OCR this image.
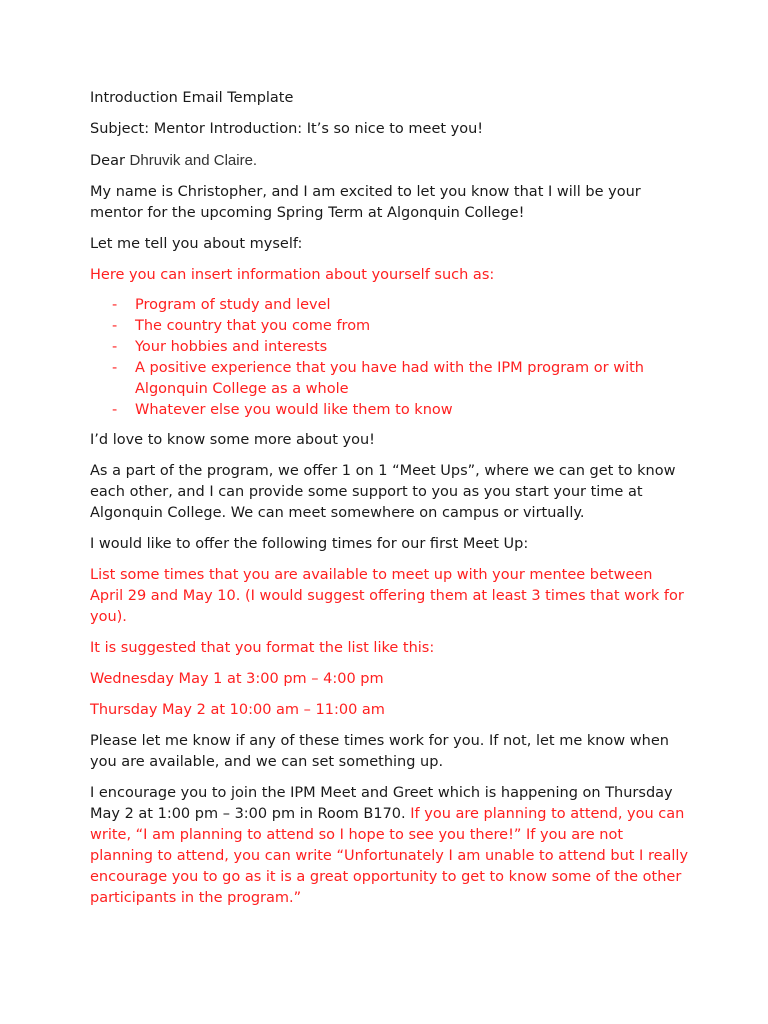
Introduction Email Template

Subject: Mentor Introduction: It’s so nice to meet you!

Dear Dhruvik and Claire.

My name is Christopher, and I am excited to let you know that I will be your mentor for the upcoming Spring Term at Algonquin College!

Let me tell you about myself:

Here you can insert information about yourself such as:

- Program of study and level
- The country that you come from
- Your hobbies and interests
- A positive experience that you have had with the IPM program or with Algonquin College as a whole
- Whatever else you would like them to know

I’d love to know some more about you!

As a part of the program, we offer 1 on 1 “Meet Ups”, where we can get to know each other, and I can provide some support to you as you start your time at Algonquin College. We can meet somewhere on campus or virtually.

I would like to offer the following times for our first Meet Up:

List some times that you are available to meet up with your mentee between April 29 and May 10. (I would suggest offering them at least 3 times that work for you).

It is suggested that you format the list like this:

Wednesday May 1 at 3:00 pm – 4:00 pm

Thursday May 2 at 10:00 am – 11:00 am

Please let me know if any of these times work for you. If not, let me know when you are available, and we can set something up.

I encourage you to join the IPM Meet and Greet which is happening on Thursday May 2 at 1:00 pm – 3:00 pm in Room B170. If you are planning to attend, you can write, “I am planning to attend so I hope to see you there!” If you are not planning to attend, you can write “Unfortunately I am unable to attend but I really encourage you to go as it is a great opportunity to get to know some of the other participants in the program.”
